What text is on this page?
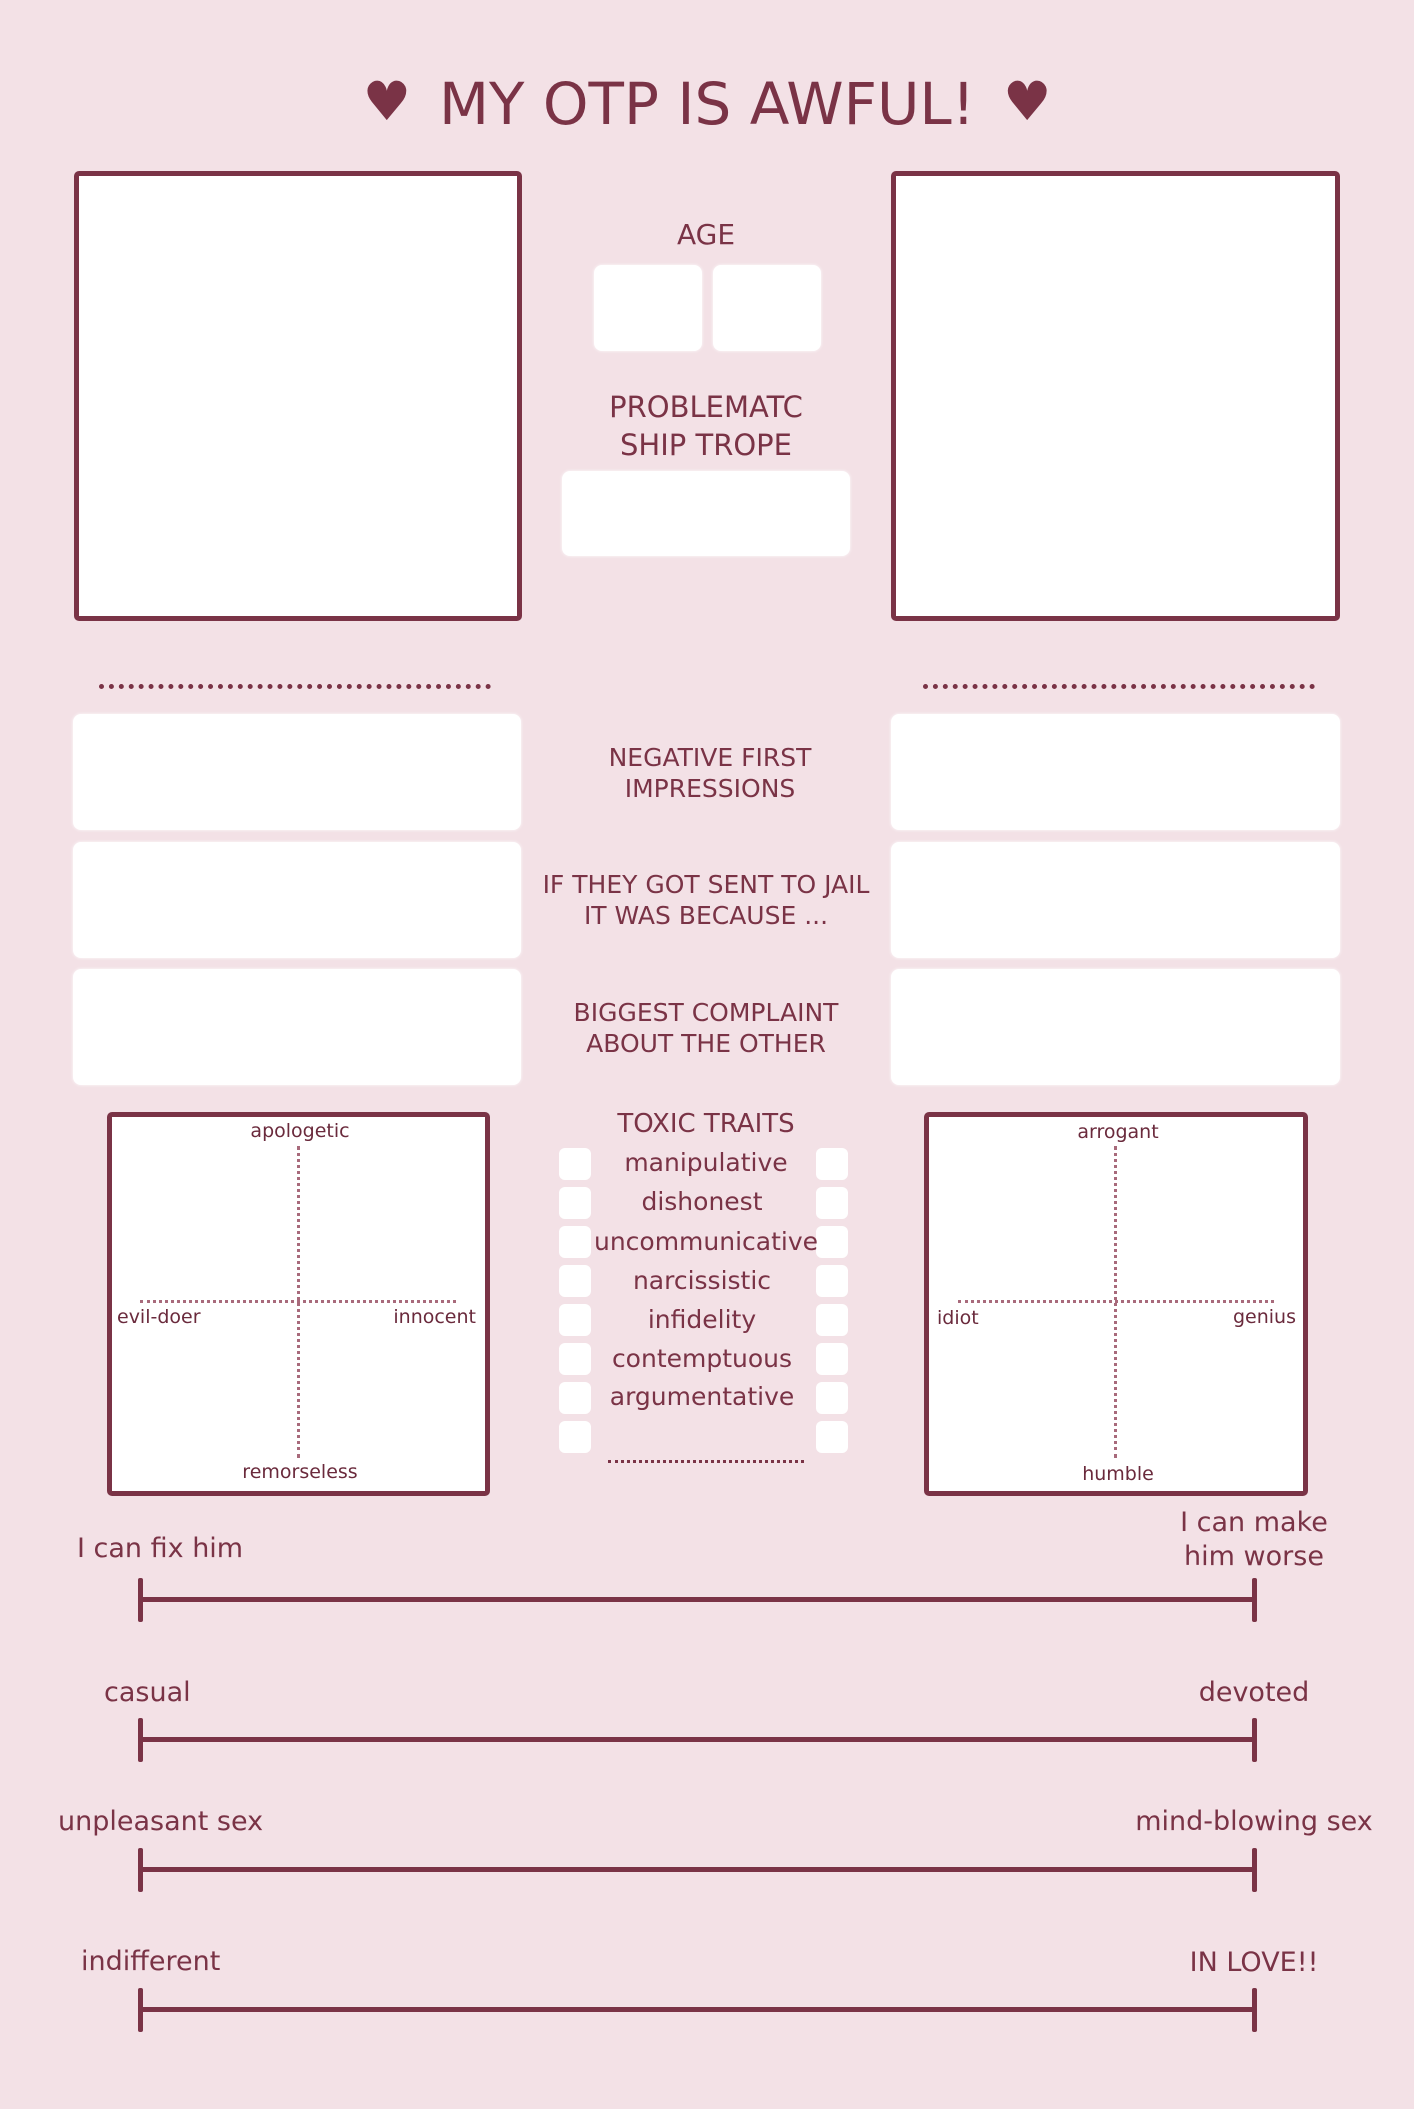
♥ MY OTP IS AWFUL! ♥
AGE
PROBLEMATC
SHIP TROPE
NEGATIVE FIRST
IMPRESSIONS
IF THEY GOT SENT TO JAIL
IT WAS BECAUSE ...
BIGGEST COMPLAINT
ABOUT THE OTHER
apologetic
evil-doer	innocent
remorseless
arrogant
idiot	genius
humble
TOXIC TRAITS
manipulative
dishonest
uncommunicative
narcissistic
infidelity
contemptuous
argumentative
I can fix him
I can make
him worse
casual	devoted
unpleasant sex	mind-blowing sex
indifferent	IN LOVE!!
